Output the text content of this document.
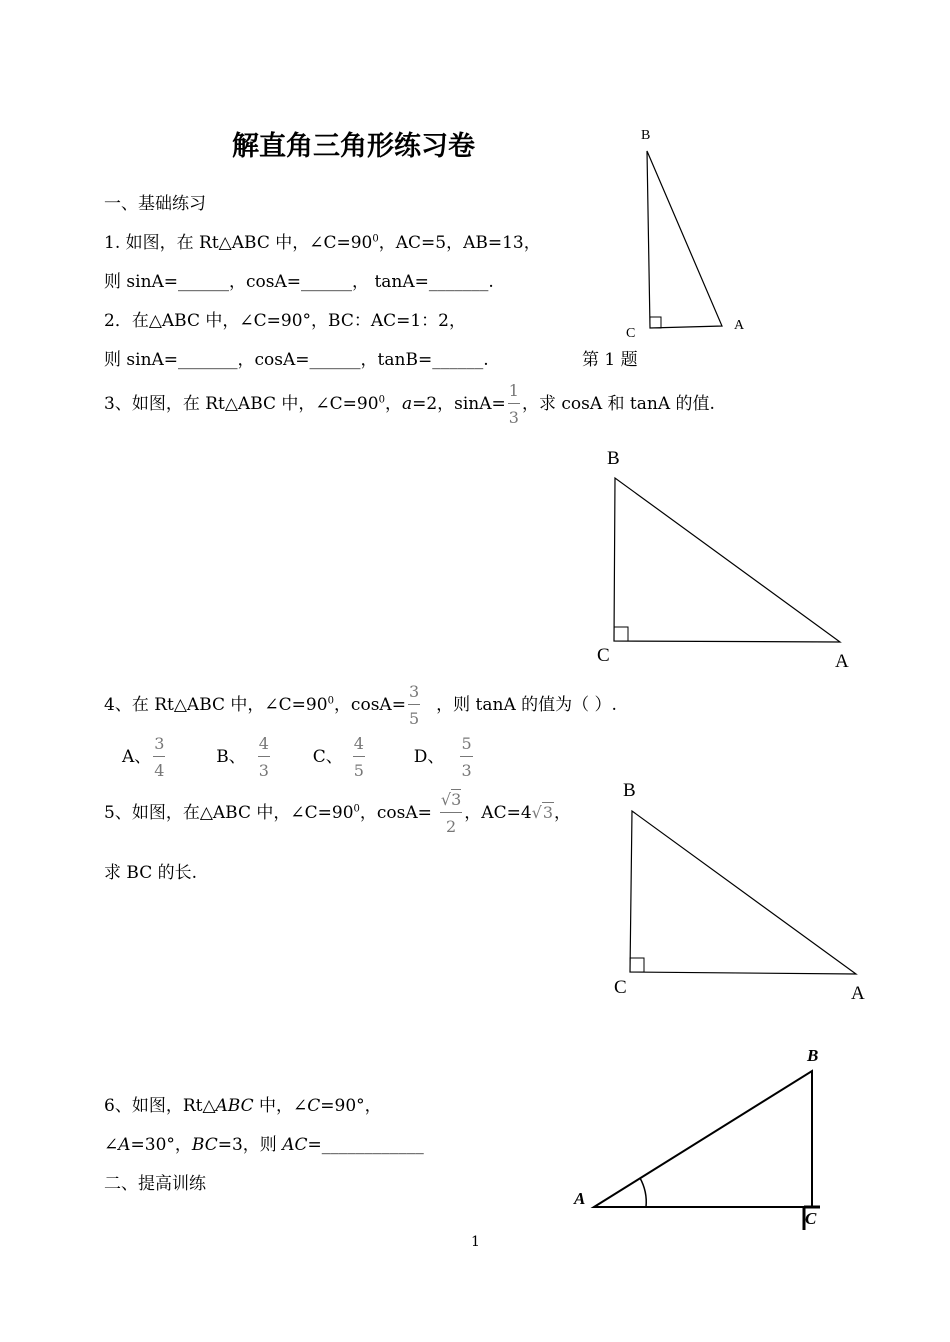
解直角三角形练习卷
一、基础练习
1. 如图，在 Rt△ABC 中，$\angle C=90^0$，AC=5，AB=13，
则 sinA=______，cosA=______， tanA=_______.
2．在△ABC 中，∠C=90°，BC：AC=1：2，
则 sinA=_______，cosA=______，tanB=______.
B
C
A
第 1 题
3、如图，在 Rt△ABC 中，$\angle C=90^0$，a=2，$\sin A= \frac{1}{3}$ ，求 cosA 和 tanA 的值.
B
C	A
4、在 Rt△ABC 中，$\angle C=90^0$，$\cos A= \frac{3}{5}$ ，则 tanA 的值为（ ）.
A、 $\frac{3}{4}$	B、 $\frac{4}{3}$	C、 $\frac{4}{5}$	D、 $\frac{5}{3}$
5、如图，在△ABC 中，$\angle C=90^0$，$\cos A= \frac{√3}{2}$ ，AC=4√3，
求 BC 的长.
B
C	A
6、如图，Rt△ABC 中，∠C=90°，
∠A=30°，BC=3，则 AC=____________
二、提高训练
B
A
C
1
